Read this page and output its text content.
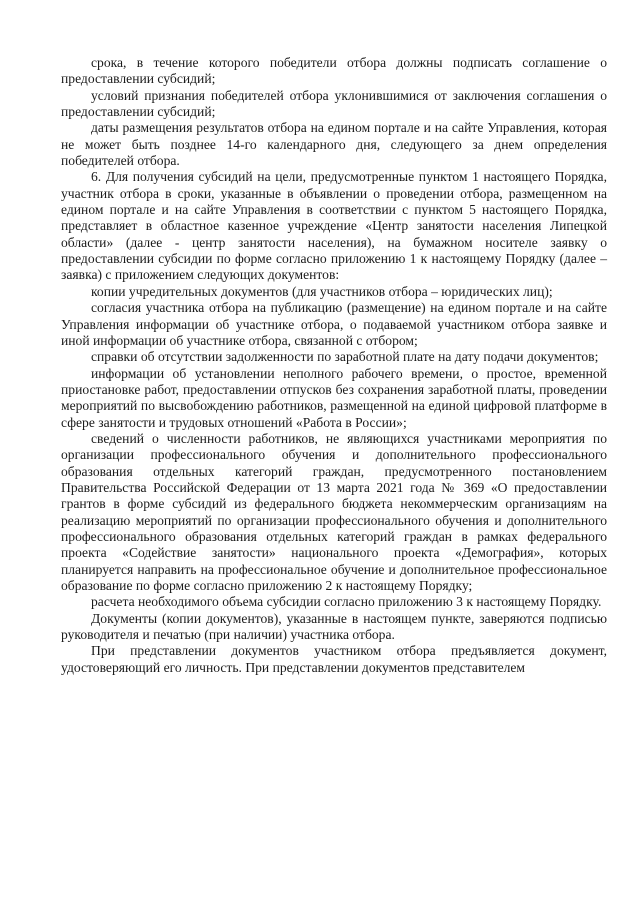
срока, в течение которого победители отбора должны подписать соглашение о предоставлении субсидий;

условий признания победителей отбора уклонившимися от заключения соглашения о предоставлении субсидий;

даты размещения результатов отбора на едином портале и на сайте Управления, которая не может быть позднее 14-го календарного дня, следующего за днем определения победителей отбора.

6. Для получения субсидий на цели, предусмотренные пунктом 1 настоящего Порядка, участник отбора в сроки, указанные в объявлении о проведении отбора, размещенном на едином портале и на сайте Управления в соответствии с пунктом 5 настоящего Порядка, представляет в областное казенное учреждение «Центр занятости населения Липецкой области» (далее - центр занятости населения), на бумажном носителе заявку о предоставлении субсидии по форме согласно приложению 1 к настоящему Порядку (далее – заявка) с приложением следующих документов:

копии учредительных документов (для участников отбора – юридических лиц);

согласия участника отбора на публикацию (размещение) на едином портале и на сайте Управления информации об участнике отбора, о подаваемой участником отбора заявке и иной информации об участнике отбора, связанной с отбором;

справки об отсутствии задолженности по заработной плате на дату подачи документов;

информации об установлении неполного рабочего времени, о простое, временной приостановке работ, предоставлении отпусков без сохранения заработной платы, проведении мероприятий по высвобождению работников, размещенной на единой цифровой платформе в сфере занятости и трудовых отношений «Работа в России»;

сведений о численности работников, не являющихся участниками мероприятия по организации профессионального обучения и дополнительного профессионального образования отдельных категорий граждан, предусмотренного постановлением Правительства Российской Федерации от 13 марта 2021 года № 369 «О предоставлении грантов в форме субсидий из федерального бюджета некоммерческим организациям на реализацию мероприятий по организации профессионального обучения и дополнительного профессионального образования отдельных категорий граждан в рамках федерального проекта «Содействие занятости» национального проекта «Демография», которых планируется направить на профессиональное обучение и дополнительное профессиональное образование по форме согласно приложению 2 к настоящему Порядку;

расчета необходимого объема субсидии согласно приложению 3 к настоящему Порядку.

Документы (копии документов), указанные в настоящем пункте, заверяются подписью руководителя и печатью (при наличии) участника отбора.

При представлении документов участником отбора предъявляется документ, удостоверяющий его личность. При представлении документов представителем
